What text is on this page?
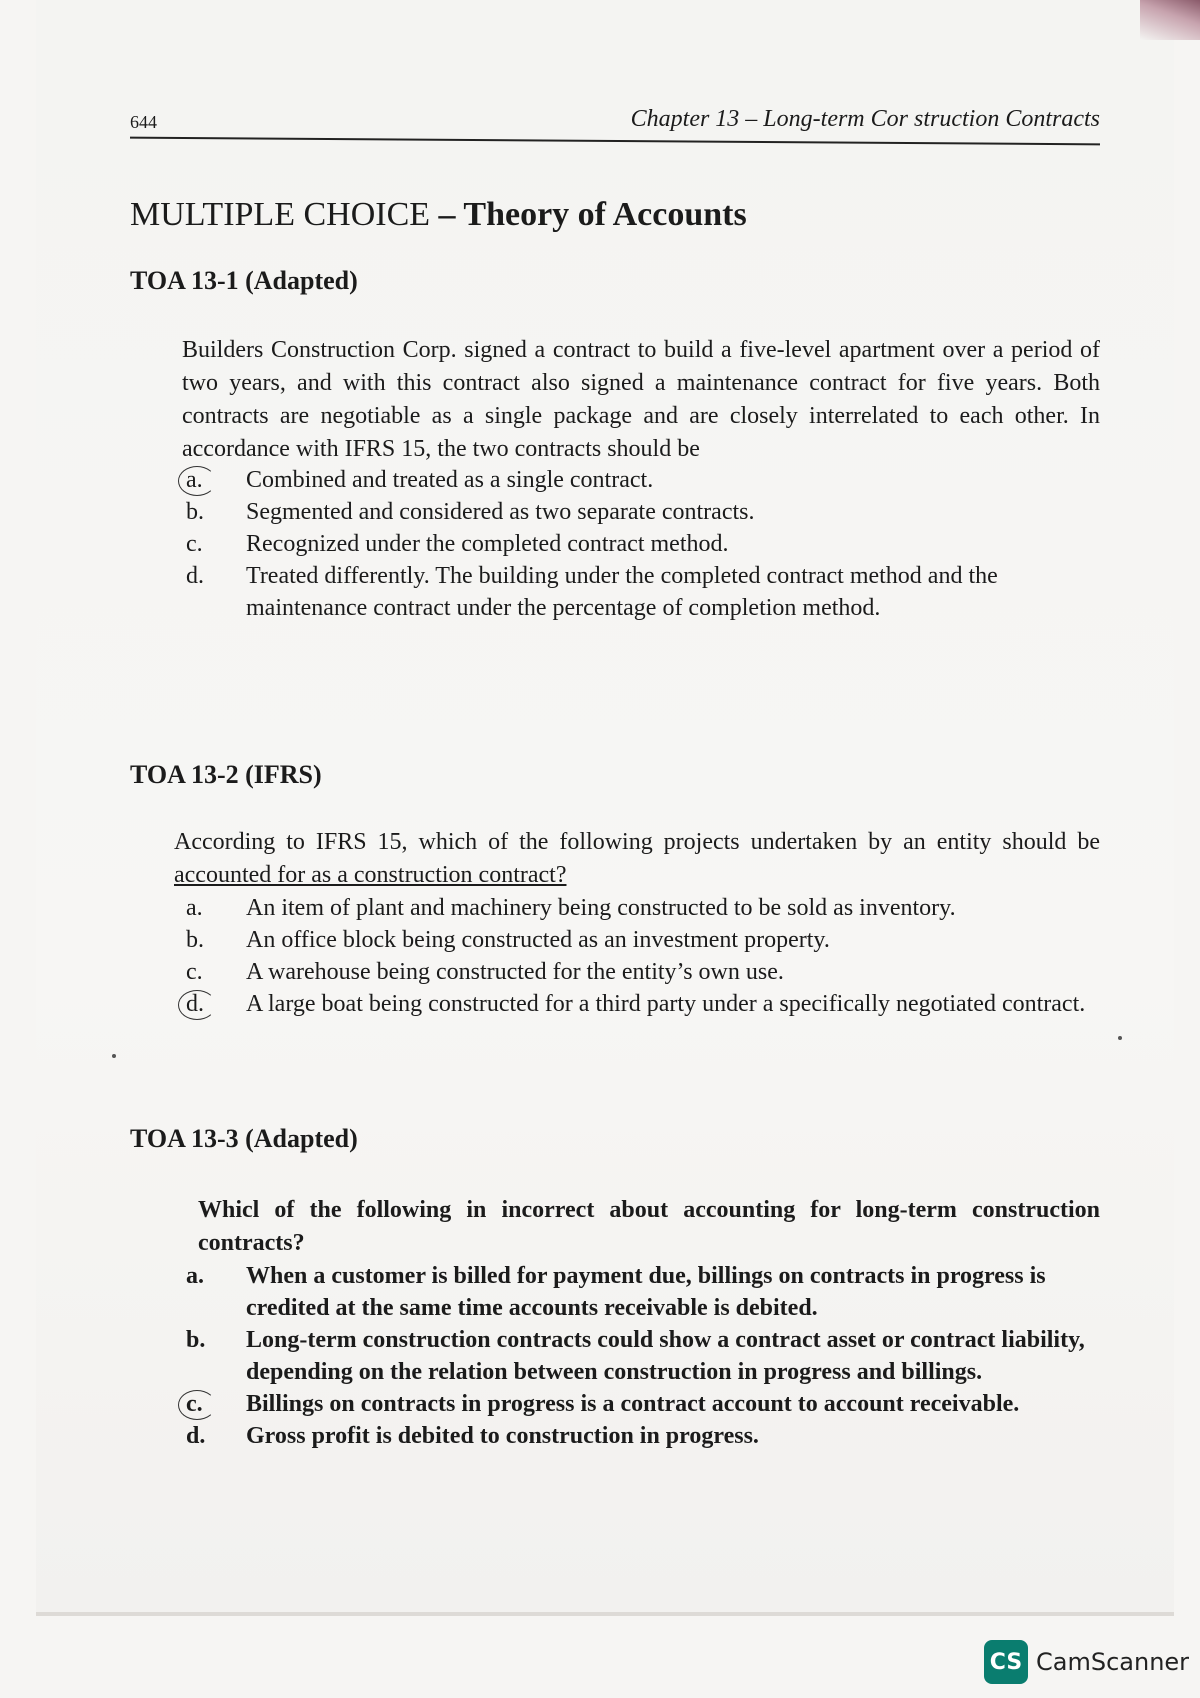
644	Chapter 13 – Long-term Cor struction Contracts
MULTIPLE CHOICE – Theory of Accounts

TOA 13-1 (Adapted)

Builders Construction Corp. signed a contract to build a five-level apartment over a period of two years, and with this contract also signed a maintenance contract for five years. Both contracts are negotiable as a single package and are closely interrelated to each other. In accordance with IFRS 15, the two contracts should be

a.	Combined and treated as a single contract.
b.	Segmented and considered as two separate contracts.
c.	Recognized under the completed contract method.
d.	Treated differently. The building under the completed contract method and the maintenance contract under the percentage of completion method.

TOA 13-2 (IFRS)

According to IFRS 15, which of the following projects undertaken by an entity should be accounted for as a construction contract?

a.	An item of plant and machinery being constructed to be sold as inventory.
b.	An office block being constructed as an investment property.
c.	A warehouse being constructed for the entity’s own use.
d.	A large boat being constructed for a third party under a specifically negotiated contract.

TOA 13-3 (Adapted)

Whicl of the following in incorrect about accounting for long-term construction contracts?

a.	When a customer is billed for payment due, billings on contracts in progress is credited at the same time accounts receivable is debited.
b.	Long-term construction contracts could show a contract asset or contract liability, depending on the relation between construction in progress and billings.
c.	Billings on contracts in progress is a contract account to account receivable.
d.	Gross profit is debited to construction in progress.
CS CamScanner
